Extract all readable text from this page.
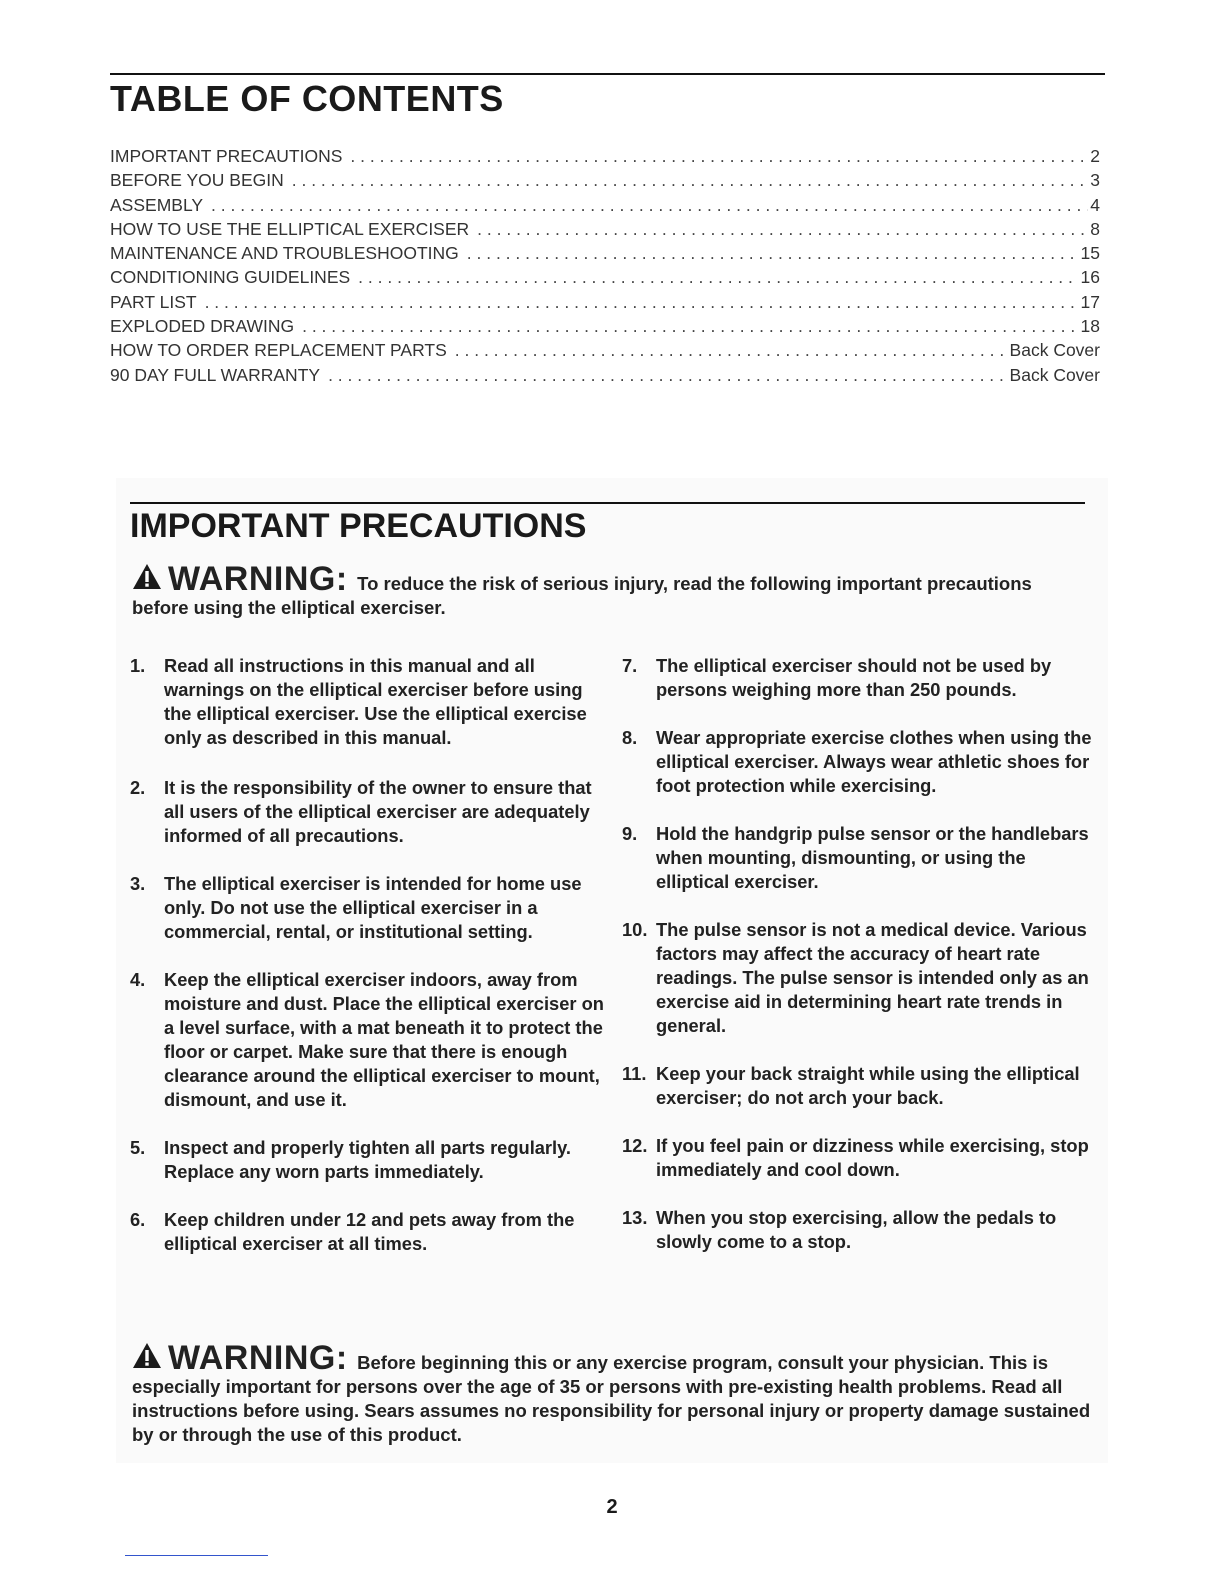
TABLE OF CONTENTS
IMPORTANT PRECAUTIONS . . .	2
BEFORE YOU BEGIN . . .	3
ASSEMBLY . . .	4
HOW TO USE THE ELLIPTICAL EXERCISER . . .	8
MAINTENANCE AND TROUBLESHOOTING . . .	15
CONDITIONING GUIDELINES . . .	16
PART LIST . . .	17
EXPLODED DRAWING . . .	18
HOW TO ORDER REPLACEMENT PARTS . . .	Back Cover
90 DAY FULL WARRANTY . . .	Back Cover
IMPORTANT PRECAUTIONS
WARNING : To reduce the risk of serious injury, read the following important precautions before using the elliptical exerciser.
1.	Read all instructions in this manual and all warnings on the elliptical exerciser before using the elliptical exerciser. Use the elliptical exercise only as described in this manual.
2.	It is the responsibility of the owner to ensure that all users of the elliptical exerciser are adequately informed of all precautions.
3.	The elliptical exerciser is intended for home use only. Do not use the elliptical exerciser in a commercial, rental, or institutional setting.
4.	Keep the elliptical exerciser indoors, away from moisture and dust. Place the elliptical exerciser on a level surface, with a mat beneath it to protect the floor or carpet. Make sure that there is enough clearance around the elliptical exerciser to mount, dismount, and use it.
5.	Inspect and properly tighten all parts regularly. Replace any worn parts immediately.
6.	Keep children under 12 and pets away from the elliptical exerciser at all times.
7.	The elliptical exerciser should not be used by persons weighing more than 250 pounds.
8.	Wear appropriate exercise clothes when using the elliptical exerciser. Always wear athletic shoes for foot protection while exercising.
9.	Hold the handgrip pulse sensor or the handlebars when mounting, dismounting, or using the elliptical exerciser.
10. The pulse sensor is not a medical device. Various factors may affect the accuracy of heart rate readings. The pulse sensor is intended only as an exercise aid in determining heart rate trends in general.
11. Keep your back straight while using the elliptical exerciser; do not arch your back.
12. If you feel pain or dizziness while exercising, stop immediately and cool down.
13. When you stop exercising, allow the pedals to slowly come to a stop.
WARNING : Before beginning this or any exercise program, consult your physician. This is especially important for persons over the age of 35 or persons with pre-existing health problems. Read all instructions before using. Sears assumes no responsibility for personal injury or property damage sustained by or through the use of this product.
2
